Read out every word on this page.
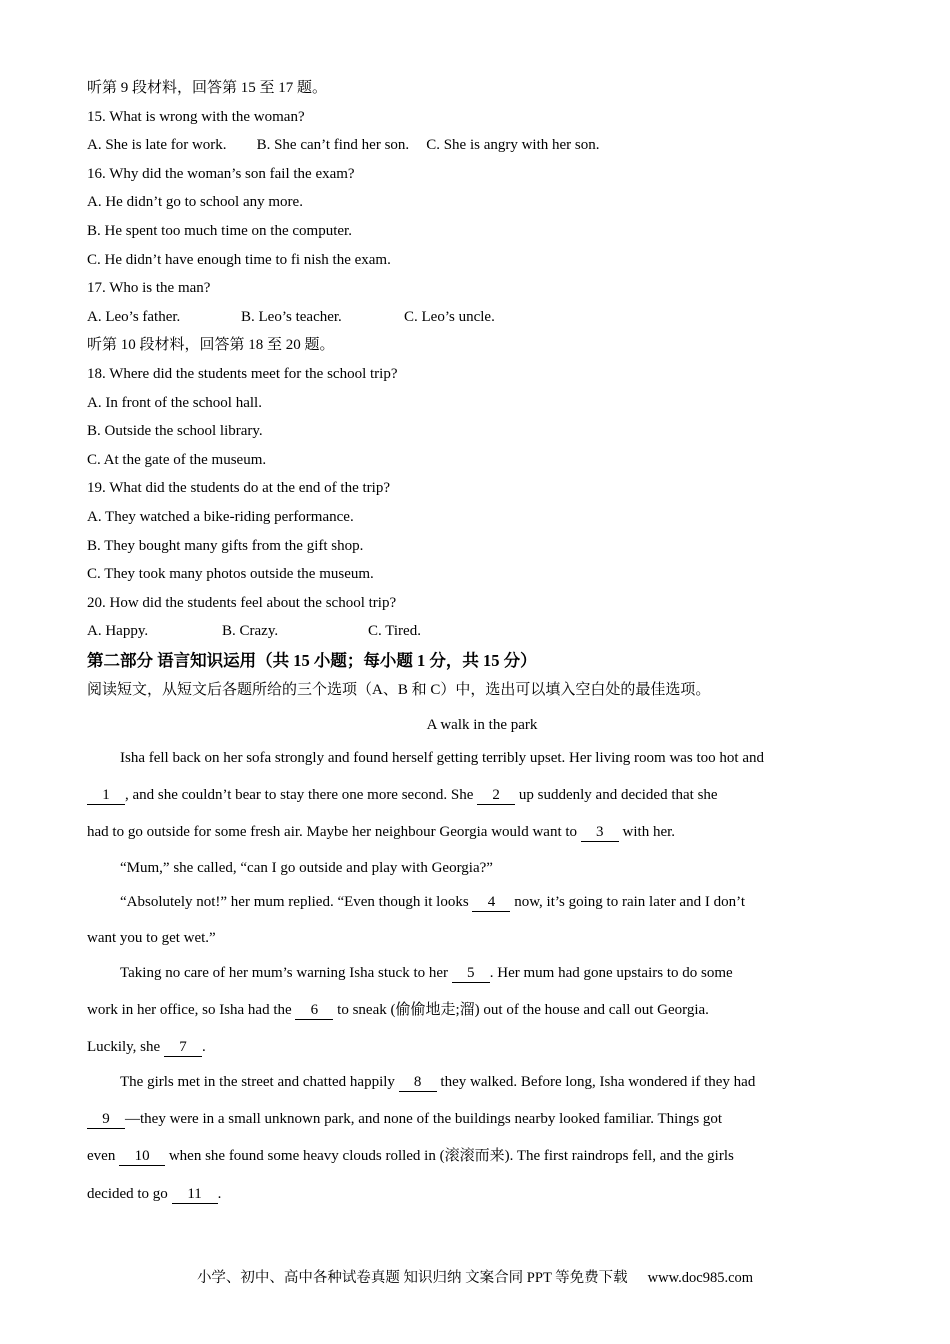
听第 9 段材料，回答第 15 至 17 题。
15. What is wrong with the woman?
A. She is late for work. B. She can’t find her son. C. She is angry with her son.
16. Why did the woman’s son fail the exam?
A. He didn’t go to school any more.
B. He spent too much time on the computer.
C. He didn’t have enough time to fi nish the exam.
17. Who is the man?
A. Leo’s father.	B. Leo’s teacher.	C. Leo’s uncle.
听第 10 段材料，回答第 18 至 20 题。
18. Where did the students meet for the school trip?
A. In front of the school hall.
B. Outside the school library.
C. At the gate of the museum.
19. What did the students do at the end of the trip?
A. They watched a bike-riding performance.
B. They bought many gifts from the gift shop.
C. They took many photos outside the museum.
20. How did the students feel about the school trip?
A. Happy.	B. Crazy.	C. Tired.
第二部分 语言知识运用（共 15 小题；每小题 1 分，共 15 分）
阅读短文，从短文后各题所给的三个选项（A、B 和 C）中，选出可以填入空白处的最佳选项。
A walk in the park
Isha fell back on her sofa strongly and found herself getting terribly upset. Her living room was too hot and
1 , and she couldn’t bear to stay there one more second. She 2 up suddenly and decided that she
had to go outside for some fresh air. Maybe her neighbour Georgia would want to 3 with her.
“Mum,” she called, “can I go outside and play with Georgia?”
“Absolutely not!” her mum replied. “Even though it looks 4 now, it’s going to rain later and I don’t
want you to get wet.”
Taking no care of her mum’s warning Isha stuck to her 5 . Her mum had gone upstairs to do some
work in her office, so Isha had the 6 to sneak (偷偷地走;溜) out of the house and call out Georgia.
Luckily, she 7 .
The girls met in the street and chatted happily 8 they walked. Before long, Isha wondered if they had
9 —they were in a small unknown park, and none of the buildings nearby looked familiar. Things got
even 10 when she found some heavy clouds rolled in (滚滚而来). The first raindrops fell, and the girls
decided to go 11 .
小学、初中、高中各种试卷真题 知识归纳 文案合同 PPT 等免费下载 www.doc985.com
